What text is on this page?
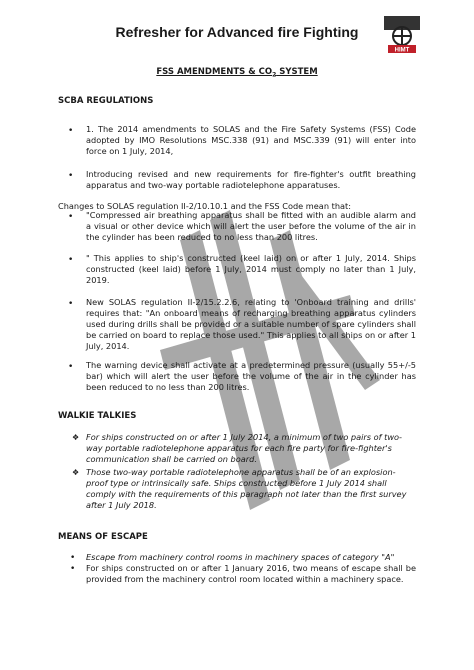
Refresher for Advanced fire Fighting
HIMT
FSS AMENDMENTS & $CO_2$ SYSTEM
SCBA REGULATIONS
• 1. The 2014 amendments to SOLAS and the Fire Safety Systems (FSS) Code adopted by IMO Resolutions MSC.338 (91) and MSC.339 (91) will enter into force on 1 July, 2014,

• Introducing revised and new requirements for fire-fighter's outfit breathing apparatus and two-way portable radiotelephone apparatuses.

Changes to SOLAS regulation II-2/10.10.1 and the FSS Code mean that:

• "Compressed air breathing apparatus shall be fitted with an audible alarm and a visual or other device which will alert the user before the volume of the air in the cylinder has been reduced to no less than 200 litres.

• " This applies to ship's constructed (keel laid) on or after 1 July, 2014. Ships constructed (keel laid) before 1 July, 2014 must comply no later than 1 July, 2019.

• New SOLAS regulation II-2/15.2.2.6, relating to 'Onboard training and drills' requires that: "An onboard means of recharging breathing apparatus cylinders used during drills shall be provided or a suitable number of spare cylinders shall be carried on board to replace those used." This applies to all ships on or after 1 July, 2014.

• The warning device shall activate at a predetermined pressure (usually 55+/-5 bar) which will alert the user before the volume of the air in the cylinder has been reduced to no less than 200 litres.

WALKIE TALKIES
❖ For ships constructed on or after 1 July 2014, a minimum of two pairs of two- way portable radiotelephone apparatus for each fire party for fire-fighter's communication shall be carried on board.

❖ Those two-way portable radiotelephone apparatus shall be of an explosion-proof type or intrinsically safe. Ships constructed before 1 July 2014 shall comply with the requirements of this paragraph not later than the first survey after 1 July 2018.

MEANS OF ESCAPE
• Escape from machinery control rooms in machinery spaces of category "A"

• For ships constructed on or after 1 January 2016, two means of escape shall be provided from the machinery control room located within a machinery space.
